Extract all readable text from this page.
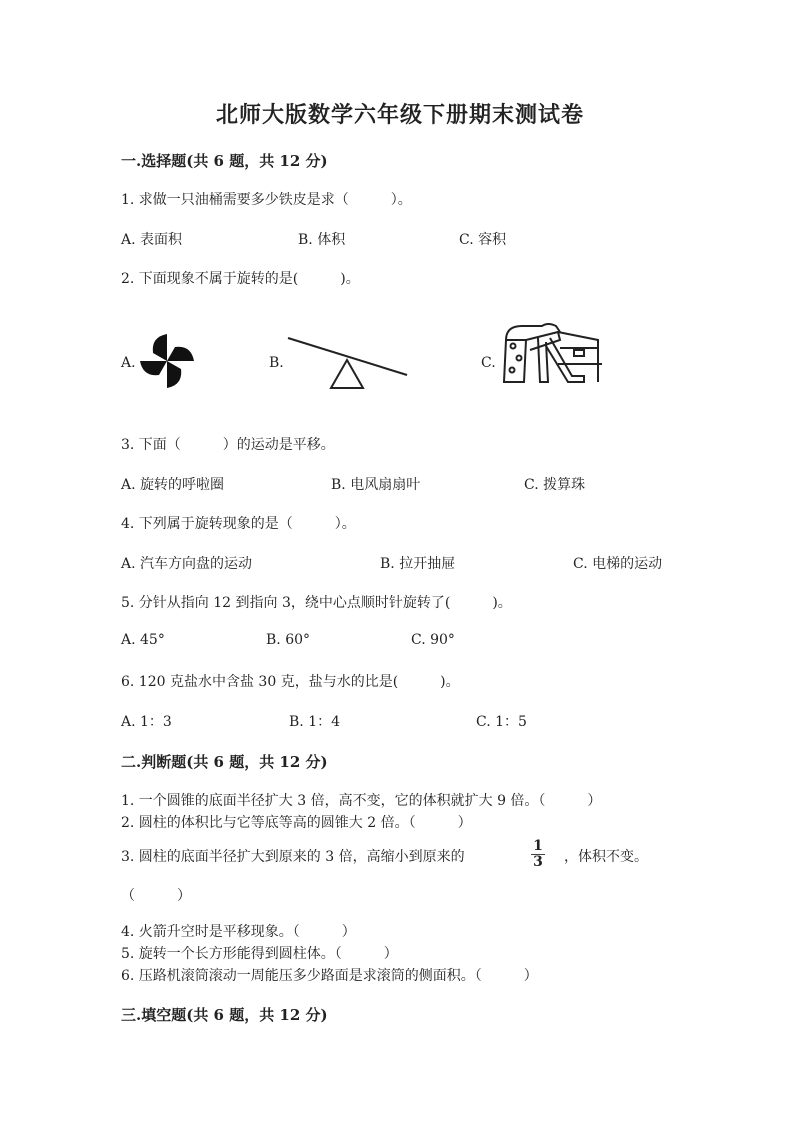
北师大版数学六年级下册期末测试卷
一.选择题(共 6 题，共 12 分)
1. 求做一只油桶需要多少铁皮是求（　　　）。
A. 表面积	B. 体积	C. 容积
2. 下面现象不属于旋转的是(　　　)。
A.	B.	C.
3. 下面（　　　）的运动是平移。
A. 旋转的呼啦圈	B. 电风扇扇叶	C. 拨算珠
4. 下列属于旋转现象的是（　　　）。
A. 汽车方向盘的运动	B. 拉开抽屉	C. 电梯的运动
5. 分针从指向 12 到指向 3，绕中心点顺时针旋转了(　　　)。
A. 45°	B. 60°	C. 90°
6. 120 克盐水中含盐 30 克，盐与水的比是(　　　)。
A. 1：3	B. 1：4	C. 1：5
二.判断题(共 6 题，共 12 分)
1. 一个圆锥的底面半径扩大 3 倍，高不变，它的体积就扩大 9 倍。（　　　）
2. 圆柱的体积比与它等底等高的圆锥大 2 倍。（　　　）
3. 圆柱的底面半径扩大到原来的 3 倍，高缩小到原来的	$\frac{1}{3}$ ，体积不变。
（　　　）
4. 火箭升空时是平移现象。（　　　）
5. 旋转一个长方形能得到圆柱体。（　　　）
6. 压路机滚筒滚动一周能压多少路面是求滚筒的侧面积。（　　　）
三.填空题(共 6 题，共 12 分)
